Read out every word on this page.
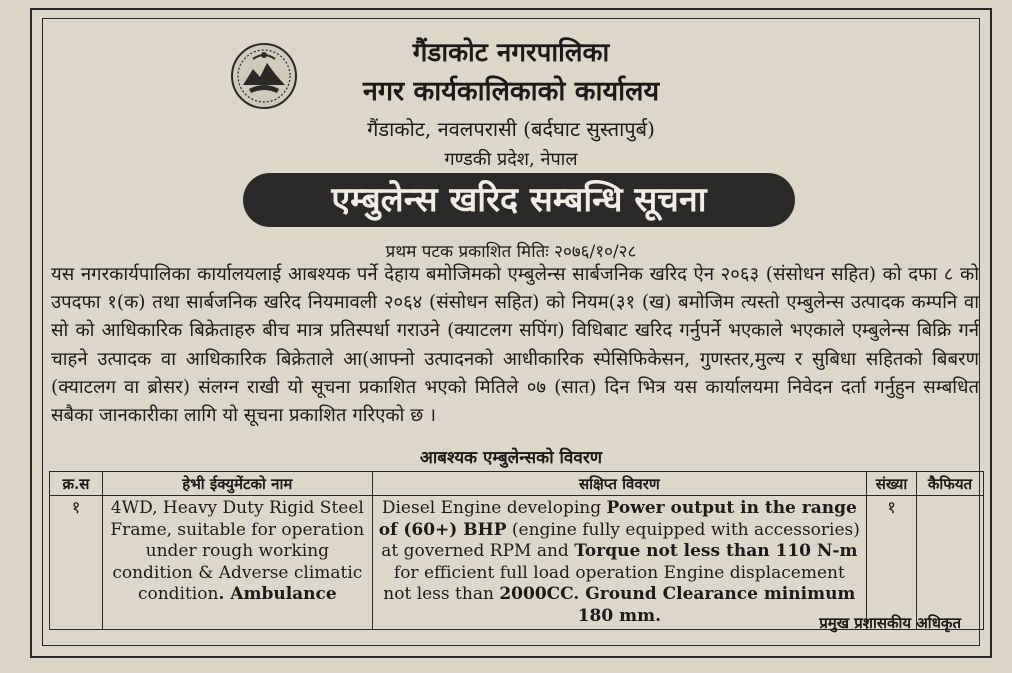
गैंडाकोट नगरपालिका
नगर कार्यकालिकाको कार्यालय
गैंडाकोट, नवलपरासी (बर्दघाट सुस्तापुर्ब)
गण्डकी प्रदेश, नेपाल
एम्बुलेन्स खरिद सम्बन्धि सूचना
प्रथम पटक प्रकाशित मितिः २०७६/१०/२८
यस नगरकार्यपालिका कार्यालयलाई आबश्यक पर्ने देहाय बमोजिमको एम्बुलेन्स सार्बजनिक खरिद ऐन २०६३ (संसोधन सहित) को दफा ८ को उपदफा १(क) तथा सार्बजनिक खरिद नियमावली २०६४ (संसोधन सहित) को नियम(३१ (ख) बमोजिम त्यस्तो एम्बुलेन्स उत्पादक कम्पनि वा सो को आधिकारिक बिक्रेताहरु बीच मात्र प्रतिस्पर्धा गराउने (क्याटलग सपिंग) विधिबाट खरिद गर्नुपर्ने भएकाले भएकाले एम्बुलेन्स बिक्रि गर्न चाहने उत्पादक वा आधिकारिक बिक्रेताले आ(आफ्नो उत्पादनको आधीकारिक स्पेसिफिकेसन, गुणस्तर,मुल्य र सुबिधा सहितको बिबरण (क्याटलग वा ब्रोसर) संलग्न राखी यो सूचना प्रकाशित भएको मितिले ०७ (सात) दिन भित्र यस कार्यालयमा निवेदन दर्ता गर्नुहुन सम्बधित सबैका जानकारीका लागि यो सूचना प्रकाशित गरिएको छ ।
आबश्यक एम्बुलेन्सको विवरण
क्र.स	हेभी ईक्युमेंटको नाम	सक्षिप्त विवरण	संख्या	कैफियत
१	4WD, Heavy Duty Rigid Steel Frame, suitable for operation under rough working condition & Adverse climatic condition. Ambulance	Diesel Engine developing Power output in the range of (60+) BHP (engine fully equipped with accessories) at governed RPM and Torque not less than 110 N-m for efficient full load operation Engine displacement not less than 2000CC. Ground Clearance minimum 180 mm.	१	
प्रमुख प्रशासकीय अधिकृत
